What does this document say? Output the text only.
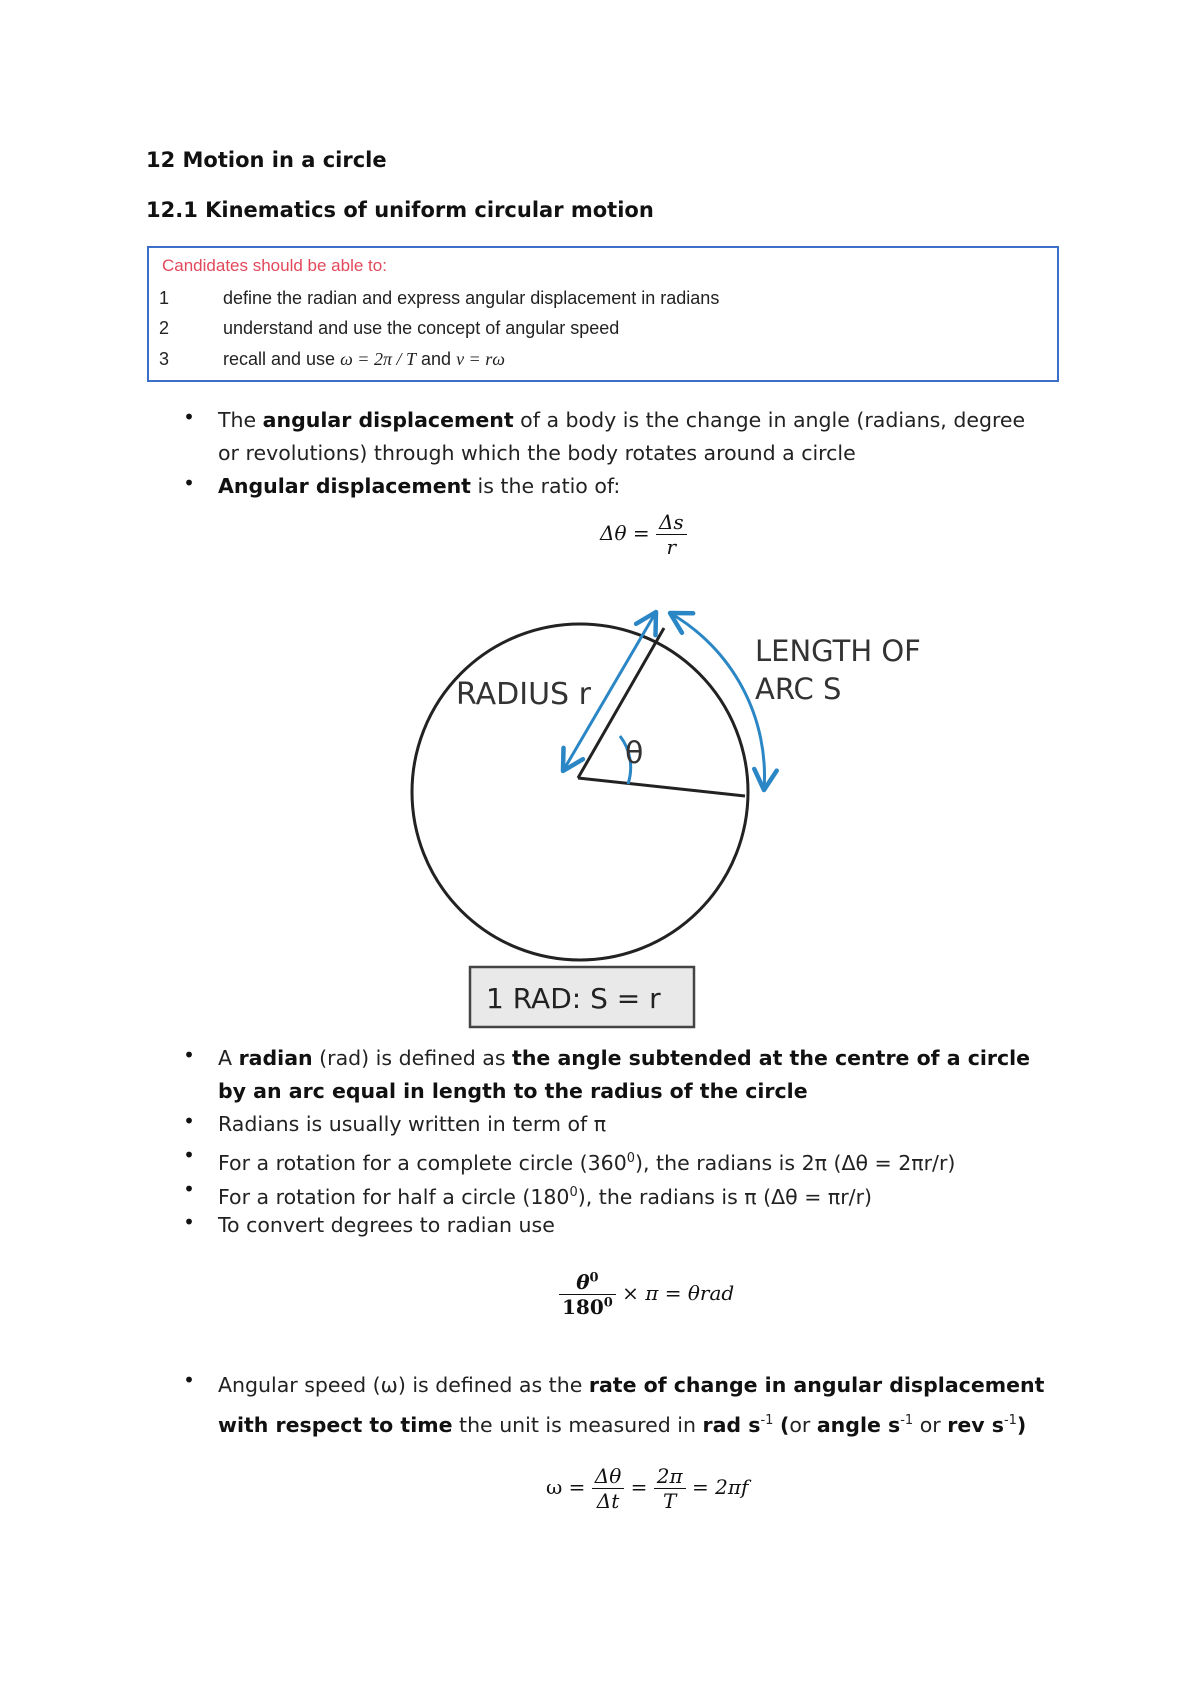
12 Motion in a circle
12.1 Kinematics of uniform circular motion
Candidates should be able to:
1	define the radian and express angular displacement in radians
2	understand and use the concept of angular speed
3	recall and use ω = 2π / T and v = rω
• The angular displacement of a body is the change in angle (radians, degree or revolutions) through which the body rotates around a circle
• Angular displacement is the ratio of:
$\Delta\theta = \frac{\Delta s}{r}$
RADIUS r
θ
LENGTH OF
ARC S
1 RAD: S = r
• A radian (rad) is defined as the angle subtended at the centre of a circle by an arc equal in length to the radius of the circle
• Radians is usually written in term of π
• For a rotation for a complete circle $(360^0)$, the radians is 2π (Δθ = 2πr/r)
• For a rotation for half a circle $(180^0)$, the radians is π (Δθ = πr/r)
• To convert degrees to radian use
$\frac{\theta^0}{180^0} \times \pi = \theta rad$
• Angular speed (ω) is defined as the rate of change in angular displacement with respect to time the unit is measured in rad $s^{-1}$ (or angle $s^{-1}$ or rev $s^{-1}$)
$\omega = \frac{\Delta\theta}{\Delta t} = \frac{2\pi}{T} = 2\pi f$
